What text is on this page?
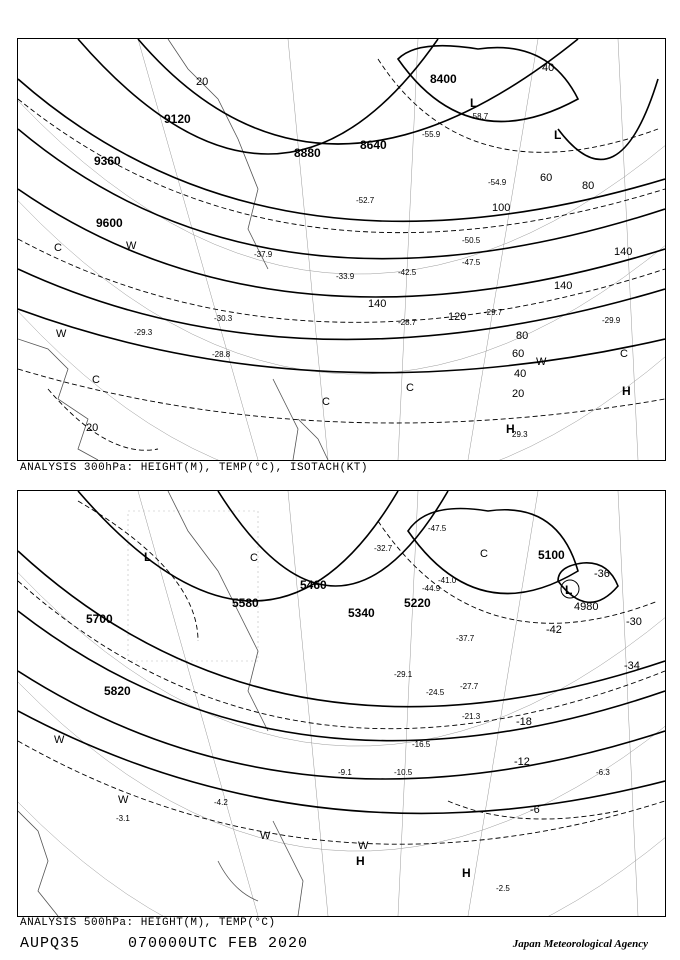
9120
9360
9600
8880
8640
8400
20
40
60
80
100
120
140
80
60
40
20
20
140
140
-58.7
-55.9
-54.9
-52.7
-50.5
-47.5
-42.5
-37.9
-33.9
-30.3	-28.7
-28.8
-29.3
-29.7
-29.9
L
L
H
H
29.3
C
C
C
C
C
W
W
W
ANALYSIS 300hPa: HEIGHT(M), TEMP(°C), ISOTACH(KT)
5700
5820
5460
5340
5580	5220
5100
4980
-30
-36
-42
-34
-18
-12
-6
-47.5
-44.9
-41.0
-37.7
-32.7
-29.1
-27.7
-24.5
-21.3
-16.5
-10.5
-9.1	-6.3
-4.2
-3.1
-2.5
L
L
H
H
C	C
W
W
W
W
ANALYSIS 500hPa: HEIGHT(M), TEMP(°C)
AUPQ35	070000UTC FEB 2020	Japan Meteorological Agency
